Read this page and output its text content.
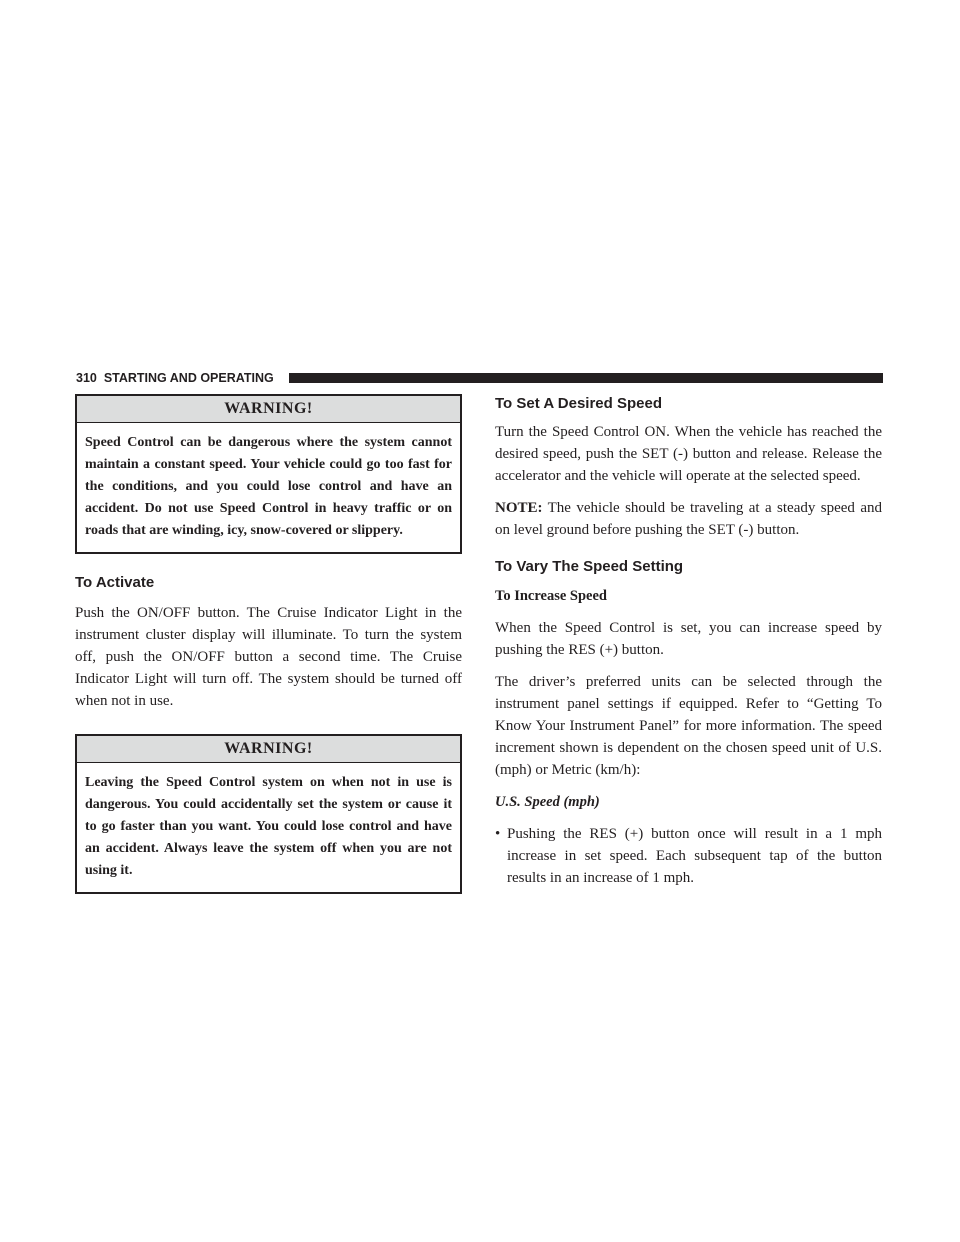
310 STARTING AND OPERATING
WARNING!
Speed Control can be dangerous where the system cannot maintain a constant speed. Your vehicle could go too fast for the conditions, and you could lose control and have an accident. Do not use Speed Control in heavy traffic or on roads that are winding, icy, snow-covered or slippery.
To Activate

Push the ON/OFF button. The Cruise Indicator Light in the instrument cluster display will illuminate. To turn the system off, push the ON/OFF button a second time. The Cruise Indicator Light will turn off. The system should be turned off when not in use.

WARNING!
Leaving the Speed Control system on when not in use is dangerous. You could accidentally set the system or cause it to go faster than you want. You could lose control and have an accident. Always leave the system off when you are not using it.
To Set A Desired Speed

Turn the Speed Control ON. When the vehicle has reached the desired speed, push the SET (-) button and release. Release the accelerator and the vehicle will operate at the selected speed.

NOTE: The vehicle should be traveling at a steady speed and on level ground before pushing the SET (-) button.

To Vary The Speed Setting

To Increase Speed

When the Speed Control is set, you can increase speed by pushing the RES (+) button.

The driver’s preferred units can be selected through the instrument panel settings if equipped. Refer to “Getting To Know Your Instrument Panel” for more information. The speed increment shown is dependent on the chosen speed unit of U.S. (mph) or Metric (km/h):

U.S. Speed (mph)

• Pushing the RES (+) button once will result in a 1 mph increase in set speed. Each subsequent tap of the button results in an increase of 1 mph.
